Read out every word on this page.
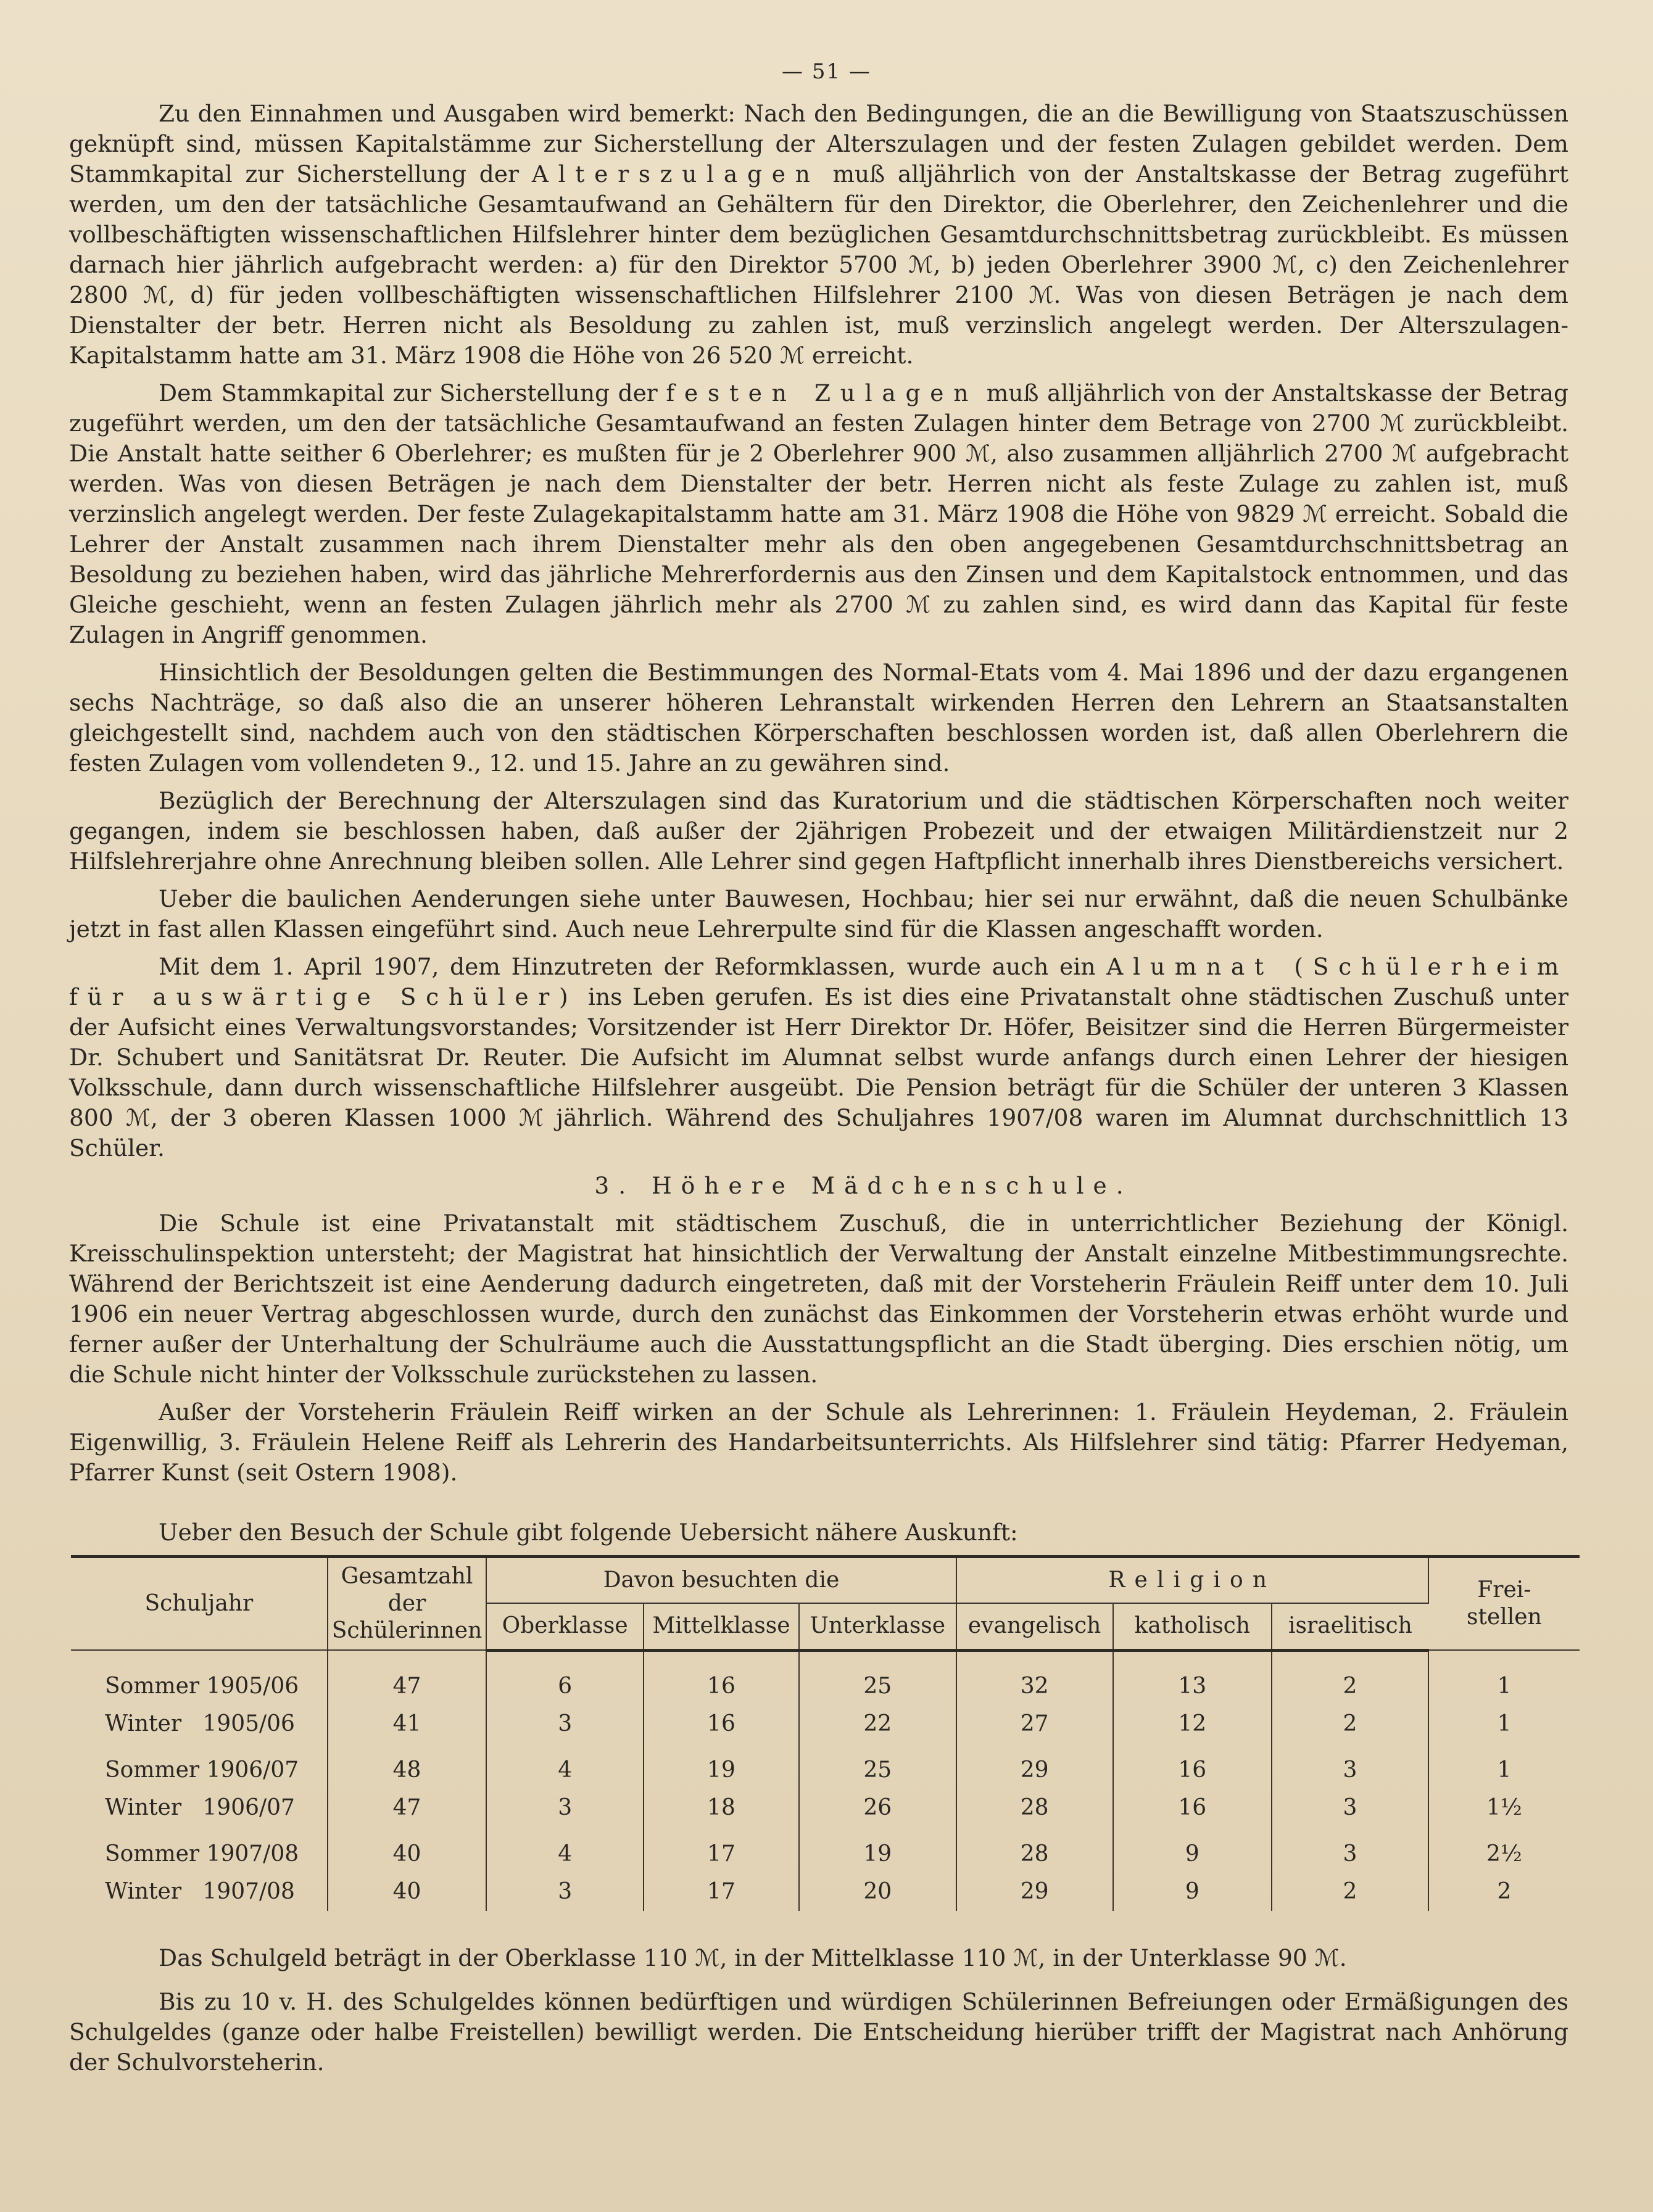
— 51 —

Zu den Einnahmen und Ausgaben wird bemerkt: Nach den Bedingungen, die an die Bewilligung von Staatszuschüssen geknüpft sind, müssen Kapitalstämme zur Sicherstellung der Alterszulagen und der festen Zulagen gebildet werden. Dem Stammkapital zur Sicherstellung der Alterszulagen muß alljährlich von der Anstaltskasse der Betrag zugeführt werden, um den der tatsächliche Gesamtaufwand an Gehältern für den Direktor, die Oberlehrer, den Zeichenlehrer und die vollbeschäftigten wissenschaftlichen Hilfslehrer hinter dem bezüglichen Gesamtdurchschnittsbetrag zurückbleibt. Es müssen darnach hier jährlich aufgebracht werden: a) für den Direktor 5700 ℳ, b) jeden Oberlehrer 3900 ℳ, c) den Zeichenlehrer 2800 ℳ, d) für jeden vollbeschäftigten wissenschaftlichen Hilfslehrer 2100 ℳ. Was von diesen Beträgen je nach dem Dienstalter der betr. Herren nicht als Besoldung zu zahlen ist, muß verzinslich angelegt werden. Der Alterszulagen-Kapitalstamm hatte am 31. März 1908 die Höhe von 26 520 ℳ erreicht.

Dem Stammkapital zur Sicherstellung der festen Zulagen muß alljährlich von der Anstaltskasse der Betrag zugeführt werden, um den der tatsächliche Gesamtaufwand an festen Zulagen hinter dem Betrage von 2700 ℳ zurückbleibt. Die Anstalt hatte seither 6 Oberlehrer; es mußten für je 2 Oberlehrer 900 ℳ, also zusammen alljährlich 2700 ℳ aufgebracht werden. Was von diesen Beträgen je nach dem Dienstalter der betr. Herren nicht als feste Zulage zu zahlen ist, muß verzinslich angelegt werden. Der feste Zulagekapitalstamm hatte am 31. März 1908 die Höhe von 9829 ℳ erreicht. Sobald die Lehrer der Anstalt zusammen nach ihrem Dienstalter mehr als den oben angegebenen Gesamtdurchschnittsbetrag an Besoldung zu beziehen haben, wird das jährliche Mehrerfordernis aus den Zinsen und dem Kapitalstock entnommen, und das Gleiche geschieht, wenn an festen Zulagen jährlich mehr als 2700 ℳ zu zahlen sind, es wird dann das Kapital für feste Zulagen in Angriff genommen.

Hinsichtlich der Besoldungen gelten die Bestimmungen des Normal-Etats vom 4. Mai 1896 und der dazu ergangenen sechs Nachträge, so daß also die an unserer höheren Lehranstalt wirkenden Herren den Lehrern an Staatsanstalten gleichgestellt sind, nachdem auch von den städtischen Körperschaften beschlossen worden ist, daß allen Oberlehrern die festen Zulagen vom vollendeten 9., 12. und 15. Jahre an zu gewähren sind.

Bezüglich der Berechnung der Alterszulagen sind das Kuratorium und die städtischen Körperschaften noch weiter gegangen, indem sie beschlossen haben, daß außer der 2jährigen Probezeit und der etwaigen Militärdienstzeit nur 2 Hilfslehrerjahre ohne Anrechnung bleiben sollen. Alle Lehrer sind gegen Haftpflicht innerhalb ihres Dienstbereichs versichert.

Ueber die baulichen Aenderungen siehe unter Bauwesen, Hochbau; hier sei nur erwähnt, daß die neuen Schulbänke jetzt in fast allen Klassen eingeführt sind. Auch neue Lehrerpulte sind für die Klassen angeschafft worden.

Mit dem 1. April 1907, dem Hinzutreten der Reformklassen, wurde auch ein Alumnat (Schülerheim für auswärtige Schüler) ins Leben gerufen. Es ist dies eine Privatanstalt ohne städtischen Zuschuß unter der Aufsicht eines Verwaltungsvorstandes; Vorsitzender ist Herr Direktor Dr. Höfer, Beisitzer sind die Herren Bürgermeister Dr. Schubert und Sanitätsrat Dr. Reuter. Die Aufsicht im Alumnat selbst wurde anfangs durch einen Lehrer der hiesigen Volksschule, dann durch wissenschaftliche Hilfslehrer ausgeübt. Die Pension beträgt für die Schüler der unteren 3 Klassen 800 ℳ, der 3 oberen Klassen 1000 ℳ jährlich. Während des Schuljahres 1907/08 waren im Alumnat durchschnittlich 13 Schüler.

3. Höhere Mädchenschule.

Die Schule ist eine Privatanstalt mit städtischem Zuschuß, die in unterrichtlicher Beziehung der Königl. Kreisschulinspektion untersteht; der Magistrat hat hinsichtlich der Verwaltung der Anstalt einzelne Mitbestimmungsrechte. Während der Berichtszeit ist eine Aenderung dadurch eingetreten, daß mit der Vorsteherin Fräulein Reiff unter dem 10. Juli 1906 ein neuer Vertrag abgeschlossen wurde, durch den zunächst das Einkommen der Vorsteherin etwas erhöht wurde und ferner außer der Unterhaltung der Schulräume auch die Ausstattungspflicht an die Stadt überging. Dies erschien nötig, um die Schule nicht hinter der Volksschule zurückstehen zu lassen.

Außer der Vorsteherin Fräulein Reiff wirken an der Schule als Lehrerinnen: 1. Fräulein Heydeman, 2. Fräulein Eigenwillig, 3. Fräulein Helene Reiff als Lehrerin des Handarbeitsunterrichts. Als Hilfslehrer sind tätig: Pfarrer Hedyeman, Pfarrer Kunst (seit Ostern 1908).

Ueber den Besuch der Schule gibt folgende Uebersicht nähere Auskunft:

Schuljahr	Gesamtzahl
der
Schülerinnen	Davon besuchten die			Religion			Frei-
stellen
		Oberklasse	Mittelklasse	Unterklasse	evangelisch	katholisch	israelitisch	

Sommer 1905/06	47	6	16	25	32	13	2	1
Winter   1905/06	41	3	16	22	27	12	2	1

Sommer 1906/07	48	4	19	25	29	16	3	1
Winter   1906/07	47	3	18	26	28	16	3	1½

Sommer 1907/08	40	4	17	19	28	9	3	2½
Winter   1907/08	40	3	17	20	29	9	2	2

Das Schulgeld beträgt in der Oberklasse 110 ℳ, in der Mittelklasse 110 ℳ, in der Unterklasse 90 ℳ.

Bis zu 10 v. H. des Schulgeldes können bedürftigen und würdigen Schülerinnen Befreiungen oder Ermäßigungen des Schulgeldes (ganze oder halbe Freistellen) bewilligt werden. Die Entscheidung hierüber trifft der Magistrat nach Anhörung der Schulvorsteherin.
